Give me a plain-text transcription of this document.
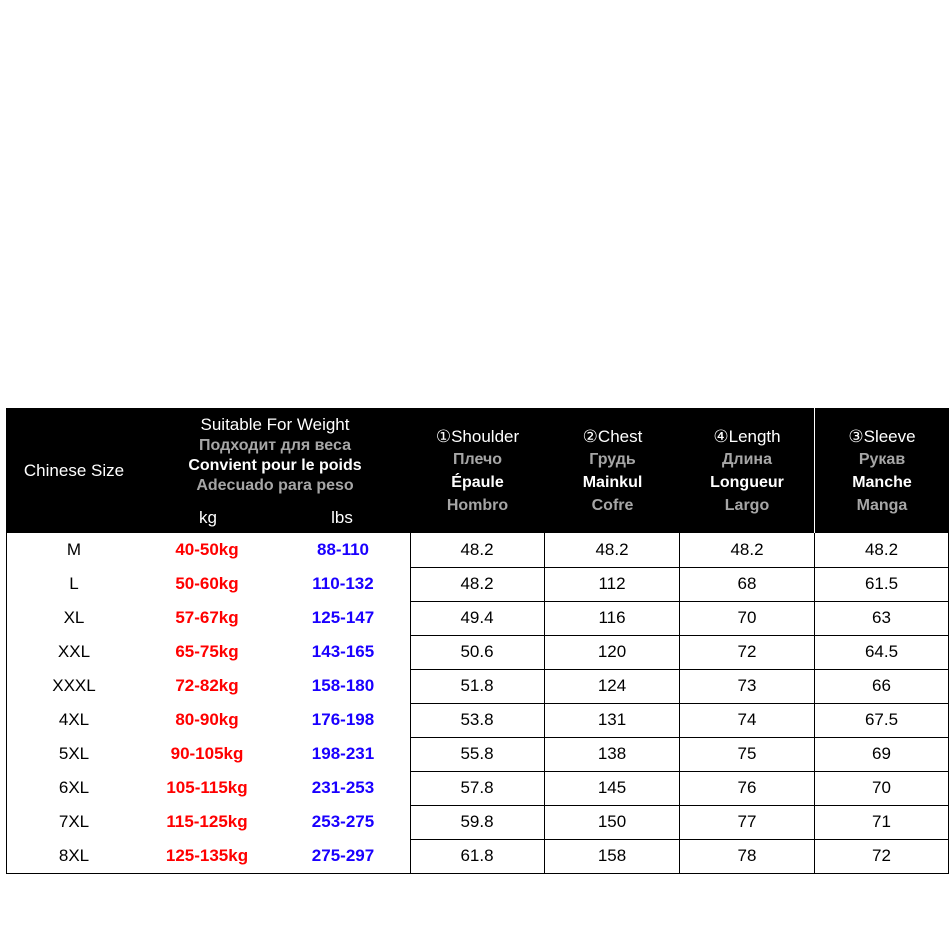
Chinese Size
Suitable For Weight
Подходит для веса
Convient pour le poids
Adecuado para peso
kg	lbs
①Shoulder
Плечо
Épaule
Hombro
②Chest
Грудь
Mainkul
Cofre
④Length
Длина
Longueur
Largo
③Sleeve
Рукав
Manche
Manga
M	40-50kg	88-110	48.2	48.2	48.2	48.2
L	50-60kg	110-132	48.2	112	68	61.5
XL	57-67kg	125-147	49.4	116	70	63
XXL	65-75kg	143-165	50.6	120	72	64.5
XXXL	72-82kg	158-180	51.8	124	73	66
4XL	80-90kg	176-198	53.8	131	74	67.5
5XL	90-105kg	198-231	55.8	138	75	69
6XL	105-115kg	231-253	57.8	145	76	70
7XL	115-125kg	253-275	59.8	150	77	71
8XL	125-135kg	275-297	61.8	158	78	72
